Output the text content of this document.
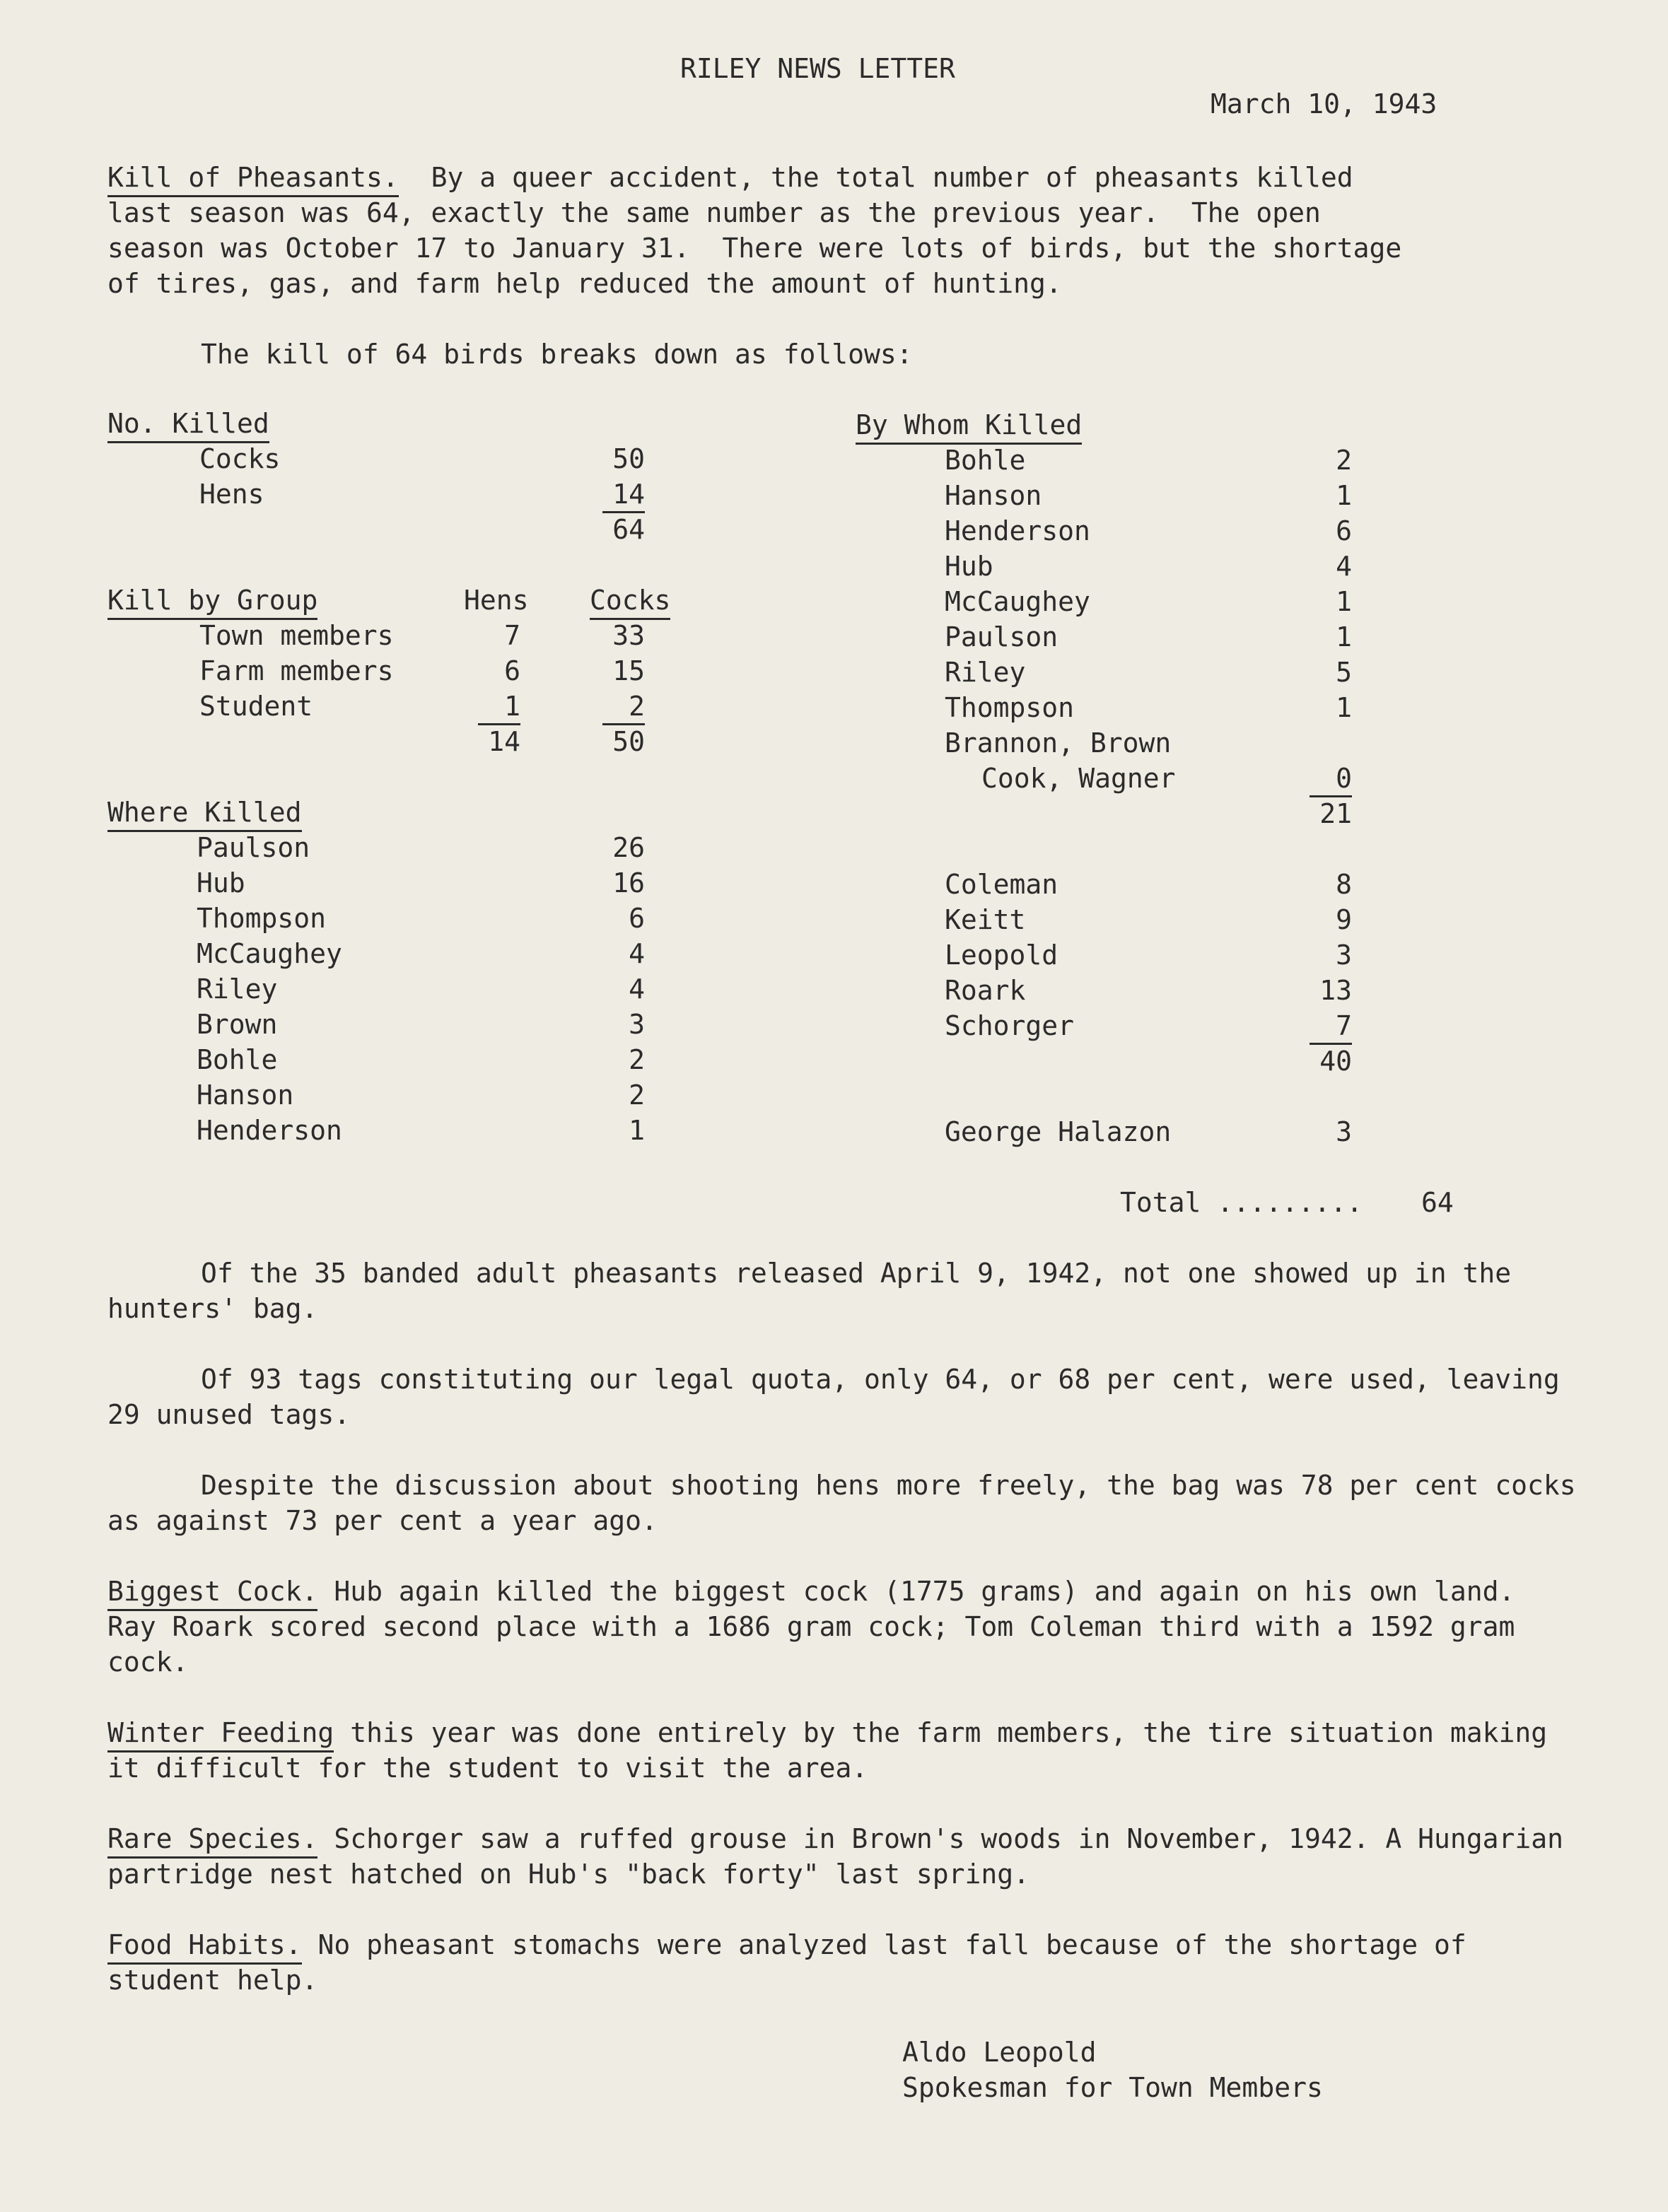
RILEY NEWS LETTER
March 10, 1943
Kill of Pheasants. By a queer accident, the total number of pheasants killed
last season was 64, exactly the same number as the previous year.  The open
season was October 17 to January 31.  There were lots of birds, but the shortage
of tires, gas, and farm help reduced the amount of hunting.
The kill of 64 birds breaks down as follows:
No. Killed
Cocks	50
Hens	14
64
Kill by Group	Hens Cocks
Town members	7	33
Farm members	6	15
Student	1	2
14	50
Where Killed
Paulson	26
Hub	16
Thompson	6
McCaughey	4
Riley	4
Brown	3
Bohle	2
Hanson	2
Henderson	1
By Whom Killed
Bohle	2
Hanson	1
Henderson	6
Hub	4
McCaughey	1
Paulson	1
Riley	5
Thompson	1
Brannon, Brown
Cook, Wagner	0
21
Coleman	8
Keitt	9
Leopold	3
Roark	13
Schorger	7
40
George Halazon	3
Total ......... 64
Of the 35 banded adult pheasants released April 9, 1942, not one showed up in the hunters' bag.
Of 93 tags constituting our legal quota, only 64, or 68 per cent, were used, leaving 29 unused tags.
Despite the discussion about shooting hens more freely, the bag was 78 per cent cocks as against 73 per cent a year ago.
Biggest Cock. Hub again killed the biggest cock (1775 grams) and again on his own land. Ray Roark scored second place with a 1686 gram cock; Tom Coleman third with a 1592 gram cock.
Winter Feeding this year was done entirely by the farm members, the tire situation making it difficult for the student to visit the area.
Rare Species. Schorger saw a ruffed grouse in Brown's woods in November, 1942. A Hungarian partridge nest hatched on Hub's "back forty" last spring.
Food Habits. No pheasant stomachs were analyzed last fall because of the shortage of student help.
Aldo Leopold
Spokesman for Town Members
